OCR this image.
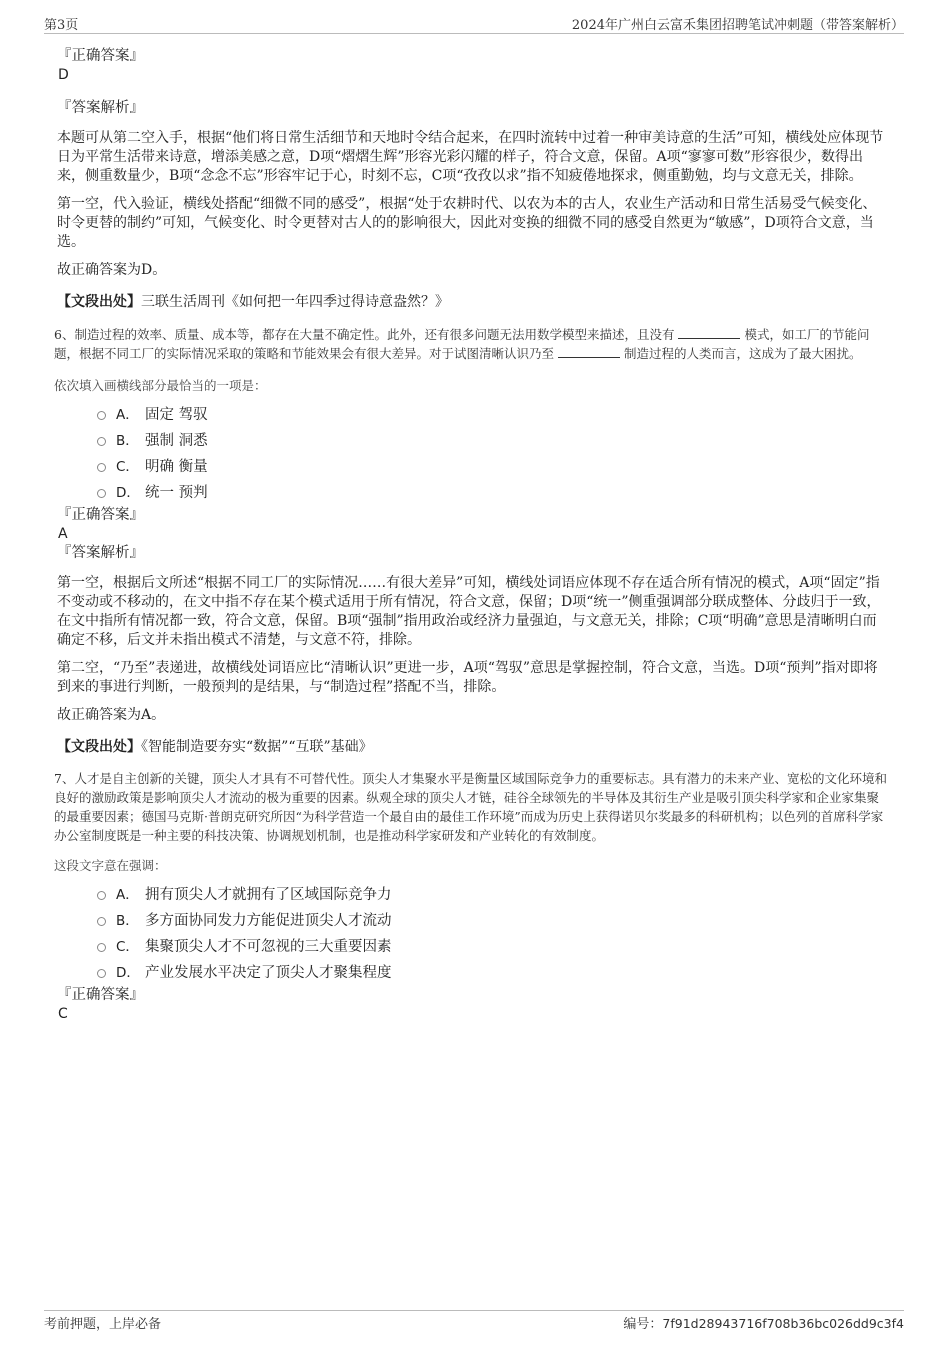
第3页	2024年广州白云富禾集团招聘笔试冲刺题（带答案解析）

『正确答案』

D

『答案解析』

本题可从第二空入手，根据“他们将日常生活细节和天地时令结合起来，在四时流转中过着一种审美诗意的生活”可知，横线处应体现节日为平常生活带来诗意，增添美感之意，D项“熠熠生辉”形容光彩闪耀的样子，符合文意，保留。A项“寥寥可数”形容很少，数得出来，侧重数量少，B项“念念不忘”形容牢记于心，时刻不忘，C项“孜孜以求”指不知疲倦地探求，侧重勤勉，均与文意无关，排除。

第一空，代入验证，横线处搭配“细微不同的感受”，根据“处于农耕时代、以农为本的古人，农业生产活动和日常生活易受气候变化、时令更替的制约”可知，气候变化、时令更替对古人的的影响很大，因此对变换的细微不同的感受自然更为“敏感”，D项符合文意，当选。

故正确答案为D。

【文段出处】三联生活周刊《如何把一年四季过得诗意盎然？》

6、制造过程的效率、质量、成本等，都存在大量不确定性。此外，还有很多问题无法用数学模型来描述，且没有	模式，如工厂的节能问题，根据不同工厂的实际情况采取的策略和节能效果会有很大差异。对于试图清晰认识乃至	制造过程的人类而言，这成为了最大困扰。

依次填入画横线部分最恰当的一项是：

A． 固定 驾驭
B． 强制 洞悉
C． 明确 衡量
D． 统一 预判

『正确答案』

A

『答案解析』

第一空，根据后文所述“根据不同工厂的实际情况……有很大差异”可知，横线处词语应体现不存在适合所有情况的模式，A项“固定”指不变动或不移动的，在文中指不存在某个模式适用于所有情况，符合文意，保留；D项“统一”侧重强调部分联成整体、分歧归于一致，在文中指所有情况都一致，符合文意，保留。B项“强制”指用政治或经济力量强迫，与文意无关，排除；C项“明确”意思是清晰明白而确定不移，后文并未指出模式不清楚，与文意不符，排除。

第二空，“乃至”表递进，故横线处词语应比“清晰认识”更进一步，A项“驾驭”意思是掌握控制，符合文意，当选。D项“预判”指对即将到来的事进行判断，一般预判的是结果，与“制造过程”搭配不当，排除。

故正确答案为A。

【文段出处】《智能制造要夯实“数据”“互联”基础》

7、人才是自主创新的关键，顶尖人才具有不可替代性。顶尖人才集聚水平是衡量区域国际竞争力的重要标志。具有潜力的未来产业、宽松的文化环境和良好的激励政策是影响顶尖人才流动的极为重要的因素。纵观全球的顶尖人才链，硅谷全球领先的半导体及其衍生产业是吸引顶尖科学家和企业家集聚的最重要因素；德国马克斯·普朗克研究所因“为科学营造一个最自由的最佳工作环境”而成为历史上获得诺贝尔奖最多的科研机构；以色列的首席科学家办公室制度既是一种主要的科技决策、协调规划机制，也是推动科学家研发和产业转化的有效制度。

这段文字意在强调：

A． 拥有顶尖人才就拥有了区域国际竞争力
B． 多方面协同发力方能促进顶尖人才流动
C． 集聚顶尖人才不可忽视的三大重要因素
D． 产业发展水平决定了顶尖人才聚集程度

『正确答案』

C

考前押题，上岸必备	编号：7f91d28943716f708b36bc026dd9c3f4
